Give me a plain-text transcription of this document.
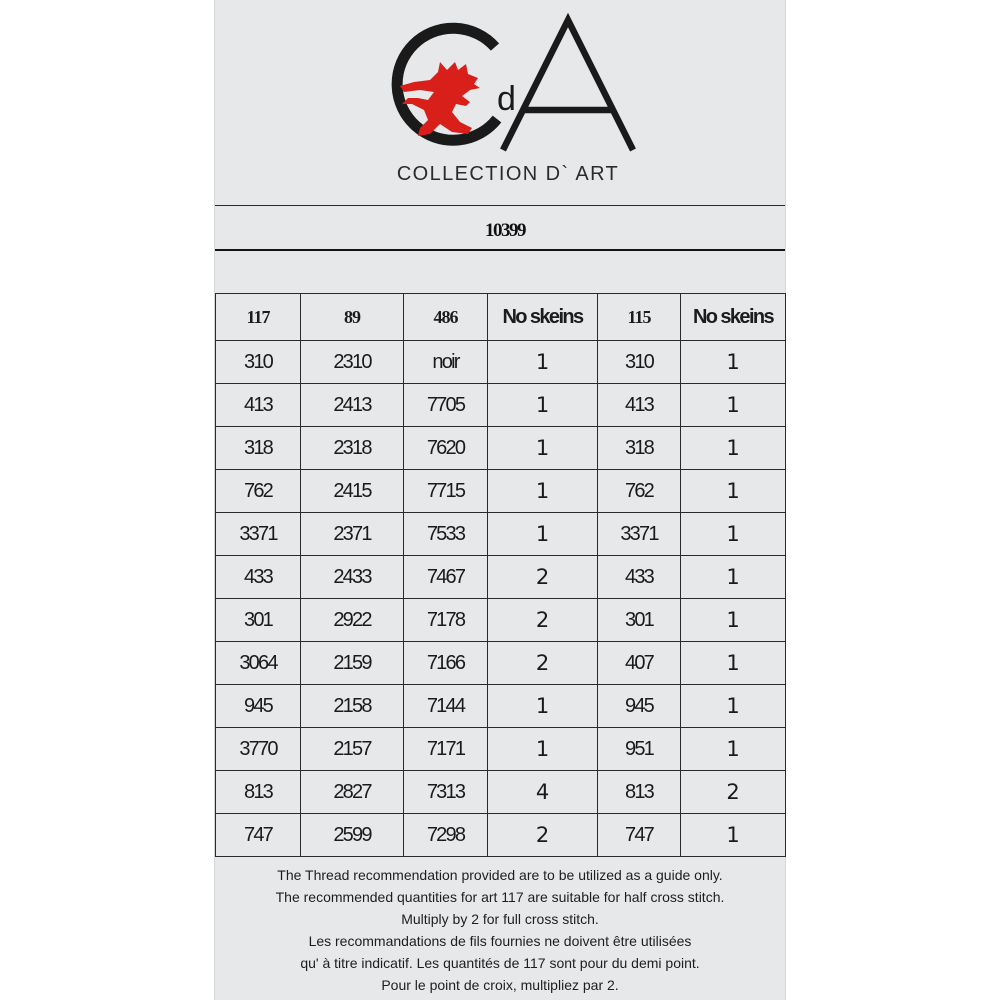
d
COLLECTION D` ART
10399
117	89	486	No skeins	115	No skeins
310	2310	noir	1	310	1
413	2413	7705	1	413	1
318	2318	7620	1	318	1
762	2415	7715	1	762	1
3371	2371	7533	1	3371	1
433	2433	7467	2	433	1
301	2922	7178	2	301	1
3064	2159	7166	2	407	1
945	2158	7144	1	945	1
3770	2157	7171	1	951	1
813	2827	7313	4	813	2
747	2599	7298	2	747	1
The Thread recommendation provided are to be utilized as a guide only.
The recommended quantities for art 117 are suitable for half cross stitch.
Multiply by 2 for full cross stitch.
Les recommandations de fils fournies ne doivent être utilisées
qu' à titre indicatif. Les quantités de 117 sont pour du demi point.
Pour le point de croix, multipliez par 2.
